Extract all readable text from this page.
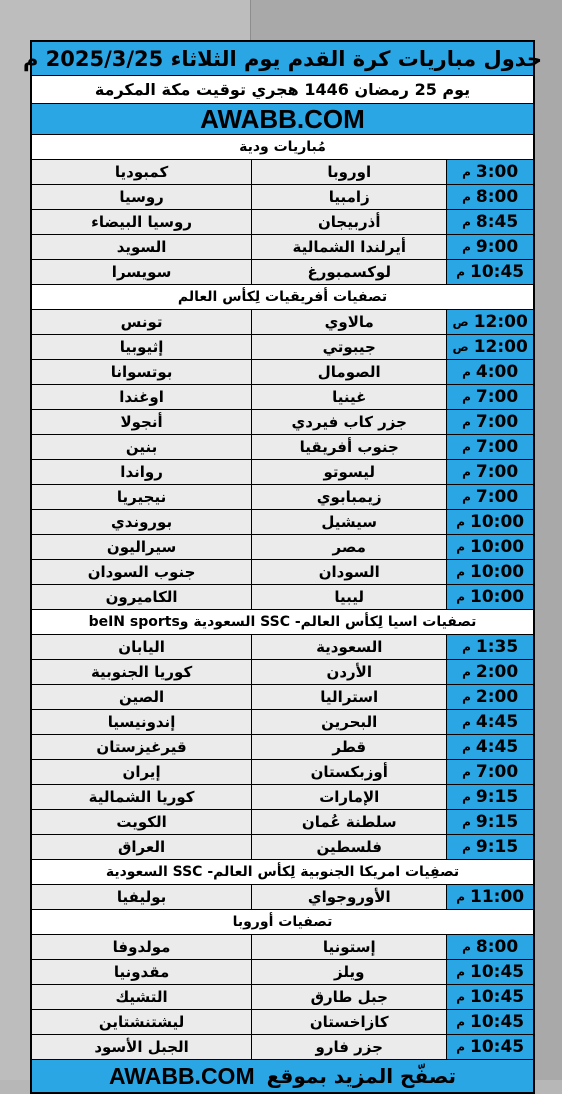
جدول مباريات كرة القدم يوم الثلاثاء 2025/3/25 م
يوم 25 رمضان 1446 هجري توقيت مكة المكرمة
AWABB.COM
مُباريات ودية
3:00
م
اوروبا
كمبوديا
8:00
م
زامبيا
روسيا
8:45
م
أذربيجان
روسيا البيضاء
9:00
م
أيرلندا الشمالية
السويد
10:45
م
لوكسمبورغ
سويسرا
تصفيات أفريقيات لِكأس العالم
12:00
ص
مالاوي
تونس
12:00
ص
جيبوتي
إثيوبيا
4:00
م
الصومال
بوتسوانا
7:00
م
غينيا
اوغندا
7:00
م
جزر كاب فيردي
أنجولا
7:00
م
جنوب أفريقيا
بنين
7:00
م
ليسوتو
رواندا
7:00
م
زيمبابوي
نيجيريا
10:00
م
سيشيل
بوروندي
10:00
م
مصر
سيراليون
10:00
م
السودان
جنوب السودان
10:00
م
ليبيا
الكاميرون
تصفيات اسيا لِكأس العالم- SSC السعودية وbeIN sports
1:35
م
السعودية
اليابان
2:00
م
الأردن
كوريا الجنوبية
2:00
م
استراليا
الصين
4:45
م
البحرين
إندونيسيا
4:45
م
قطر
قيرغيزستان
7:00
م
أوزبكستان
إيران
9:15
م
الإمارات
كوريا الشمالية
9:15
م
سلطنة عُمان
الكويت
9:15
م
فلسطين
العراق
تصفِيات امريكا الجنوبية لِكأس العالم- SSC السعودية
11:00
م
الأوروجواي
بوليفيا
تصفيات أوروبا
8:00
م
إستونيا
مولدوفا
10:45
م
ويلز
مقدونيا
10:45
م
جبل طارق
التشيك
10:45
م
كازاخستان
ليشتنشتاين
10:45
م
جزر فارو
الجبل الأسود
تصفّح المزيد بموقع
AWABB.COM
